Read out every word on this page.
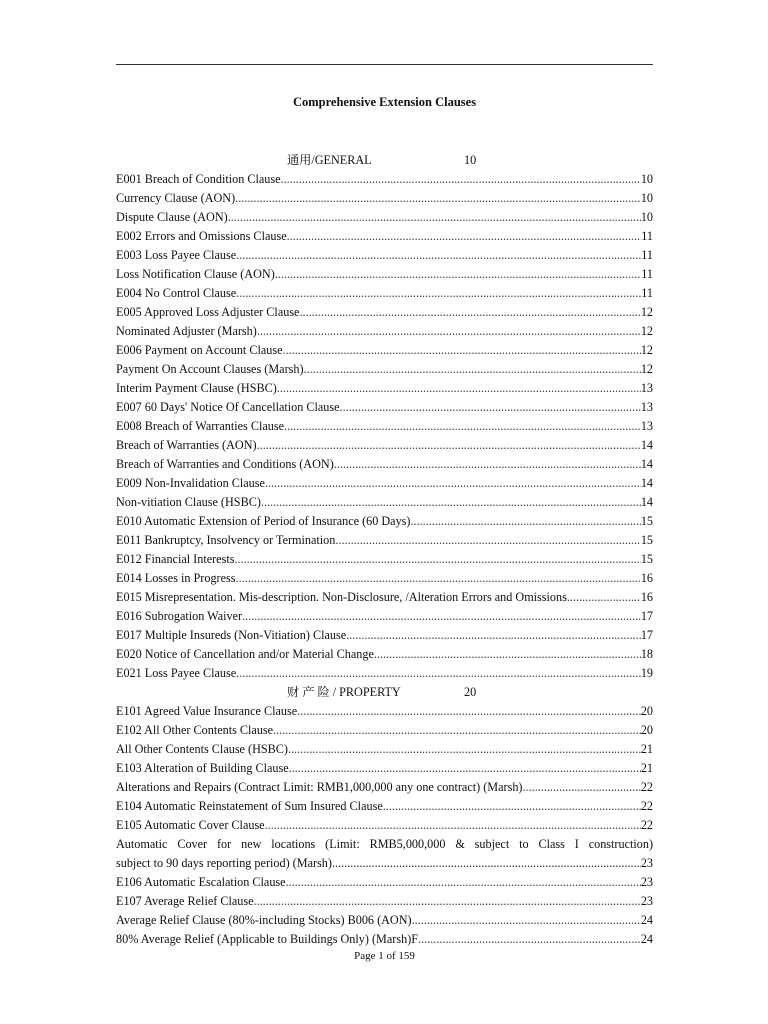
Comprehensive Extension Clauses
通用/GENERAL	10
E001 Breach of Condition Clause .....	10
Currency Clause (AON) .....	10
Dispute Clause (AON) .....	10
E002 Errors and Omissions Clause .....	11
E003 Loss Payee Clause .....	11
Loss Notification Clause (AON) .....	11
E004 No Control Clause .....	11
E005 Approved Loss Adjuster Clause .....	12
Nominated Adjuster (Marsh) .....	12
E006 Payment on Account Clause .....	12
Payment On Account Clauses (Marsh) .....	12
Interim Payment Clause (HSBC) .....	13
E007 60 Days' Notice Of Cancellation Clause .....	13
E008 Breach of Warranties Clause .....	13
Breach of Warranties (AON) .....	14
Breach of Warranties and Conditions (AON) .....	14
E009 Non-Invalidation Clause .....	14
Non-vitiation Clause (HSBC) .....	14
E010 Automatic Extension of Period of Insurance (60 Days) .....	15
E011 Bankruptcy, Insolvency or Termination .....	15
E012 Financial Interests .....	15
E014 Losses in Progress .....	16
E015 Misrepresentation. Mis-description. Non-Disclosure, /Alteration Errors and Omissions .....	16
E016 Subrogation Waiver .....	17
E017 Multiple Insureds (Non-Vitiation) Clause .....	17
E020 Notice of Cancellation and/or Material Change .....	18
E021 Loss Payee Clause .....	19
财 产 险 / PROPERTY	20
E101 Agreed Value Insurance Clause .....	20
E102 All Other Contents Clause .....	20
All Other Contents Clause (HSBC) .....	21
E103 Alteration of Building Clause .....	21
Alterations and Repairs (Contract Limit: RMB1,000,000 any one contract) (Marsh) .....	22
E104 Automatic Reinstatement of Sum Insured Clause .....	22
E105 Automatic Cover Clause .....	22
Automatic Cover for new locations (Limit: RMB5,000,000 & subject to Class I construction)
subject to 90 days reporting period) (Marsh) .....	23
E106 Automatic Escalation Clause .....	23
E107 Average Relief Clause .....	23
Average Relief Clause (80%-including Stocks) B006 (AON) .....	24
80% Average Relief (Applicable to Buildings Only) (Marsh)F .....	24
Page 1 of 159
